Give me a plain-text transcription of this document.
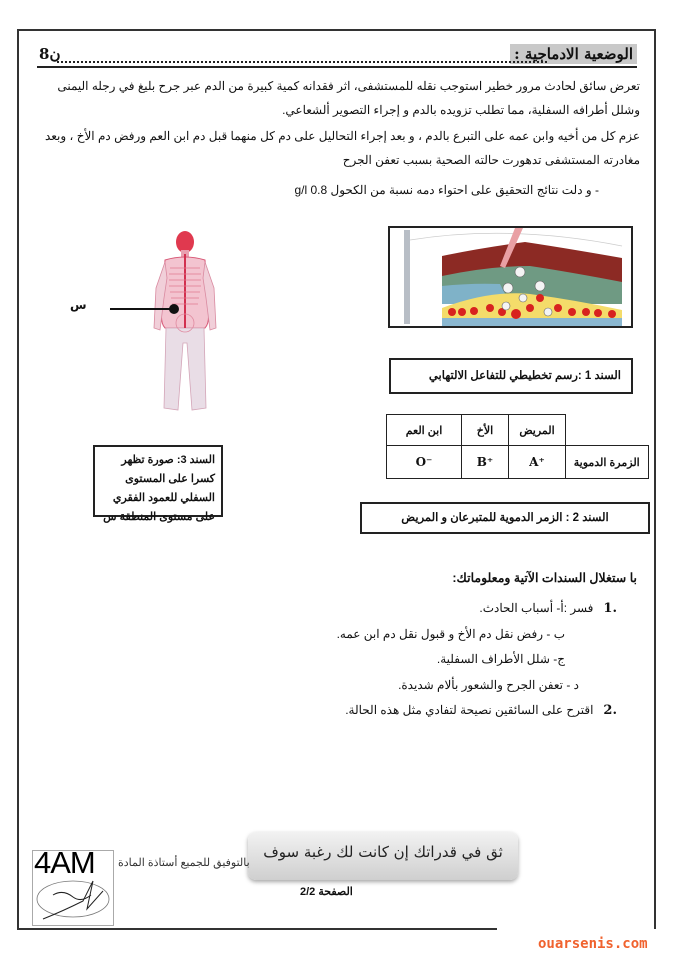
الوضعية الادماجية :
8ن
تعرض سائق لحادث مرور خطير استوجب نقله للمستشفى، اثر فقدانه كمية كبيرة من الدم عبر جرح بليغ في رجله اليمنى وشلل أطرافه السفلية، مما تطلب تزويده بالدم و إجراء التصوير ألشعاعي.
عزم كل من أخيه وابن عمه على التبرع بالدم ، و بعد إجراء التحاليل على دم كل منهما قبل دم ابن العم ورفض دم الأخ ، وبعد مغادرته المستشفى تدهورت حالته الصحية بسبب تعفن الجرح
- و دلت نتائج التحقيق على احتواء دمه نسبة من الكحول 0.8 g/l
س
السند 3: صورة تظهر كسرا على المستوى السفلي للعمود الفقري على مستوى المنطقة س
السند 1 :رسم تخطيطي للتفاعل الالتهابي
ابن العم	الأخ	المريض	
O⁻	B⁺	A⁺	الزمرة الدموية
السند 2 : الزمر الدموية للمتبرعان و المريض
با ستغلال السندات الآتية ومعلوماتك:
.1فسر :أ- أسباب الحادث.
ب - رفض نقل دم الأخ و قبول نقل دم ابن عمه.
ج- شلل الأطراف السفلية.
د - تعفن الجرح والشعور بألام شديدة.
.2اقترح على السائقين نصيحة لتفادي مثل هذه الحالة.
ثق في قدراتك إن كانت لك رغبة سوف
الصفحة 2/2
بالتوفيق للجميع أستاذة المادة
4AM
ouarsenis.com
